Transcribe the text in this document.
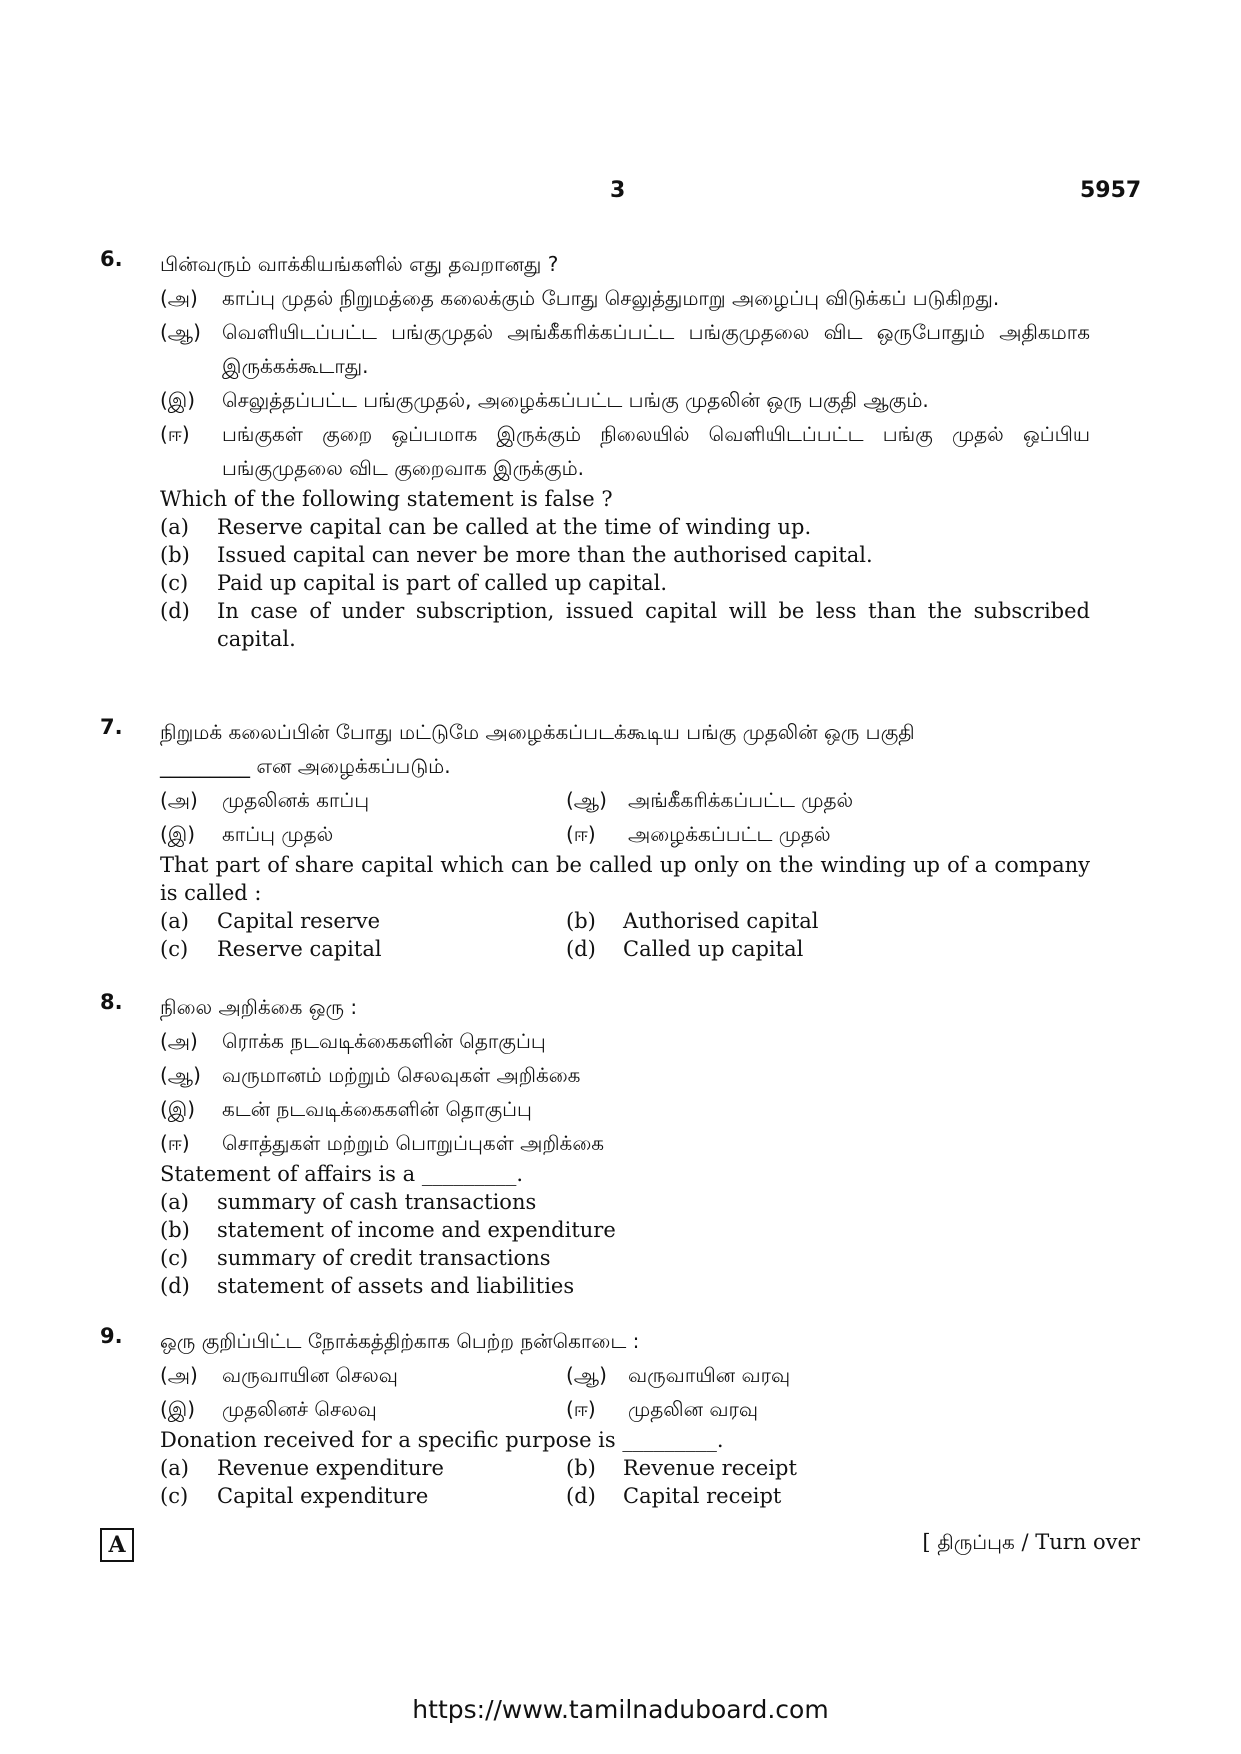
3	5957
6. பின்வரும் வாக்கியங்களில் எது தவறானது ?
(அ)	காப்பு முதல் நிறுமத்தை கலைக்கும் போது செலுத்துமாறு அழைப்பு விடுக்கப் படுகிறது.
(ஆ)	வெளியிடப்பட்ட பங்குமுதல் அங்கீகரிக்கப்பட்ட பங்குமுதலை விட ஒருபோதும் அதிகமாக இருக்கக்கூடாது.
(இ)	செலுத்தப்பட்ட பங்குமுதல், அழைக்கப்பட்ட பங்கு முதலின் ஒரு பகுதி ஆகும்.
(ஈ)	பங்குகள் குறை ஒப்பமாக இருக்கும் நிலையில் வெளியிடப்பட்ட பங்கு முதல் ஒப்பிய பங்குமுதலை விட குறைவாக இருக்கும்.
Which of the following statement is false ?
(a)	Reserve capital can be called at the time of winding up.
(b)	Issued capital can never be more than the authorised capital.
(c)	Paid up capital is part of called up capital.
(d)	In case of under subscription, issued capital will be less than the subscribed capital.
7. நிறுமக் கலைப்பின் போது மட்டுமே அழைக்கப்படக்கூடிய பங்கு முதலின் ஒரு பகுதி
_________ என அழைக்கப்படும்.
(அ)	முதலினக் காப்பு	(ஆ)	அங்கீகரிக்கப்பட்ட முதல்
(இ)	காப்பு முதல்	(ஈ)	அழைக்கப்பட்ட முதல்
That part of share capital which can be called up only on the winding up of a company is called :
(a)	Capital reserve	(b)	Authorised capital
(c)	Reserve capital	(d)	Called up capital
8. நிலை அறிக்கை ஒரு :
(அ)	ரொக்க நடவடிக்கைகளின் தொகுப்பு
(ஆ)	வருமானம் மற்றும் செலவுகள் அறிக்கை
(இ)	கடன் நடவடிக்கைகளின் தொகுப்பு
(ஈ)	சொத்துகள் மற்றும் பொறுப்புகள் அறிக்கை
Statement of affairs is a _________.
(a)	summary of cash transactions
(b)	statement of income and expenditure
(c)	summary of credit transactions
(d)	statement of assets and liabilities
9. ஒரு குறிப்பிட்ட நோக்கத்திற்காக பெற்ற நன்கொடை :
(அ)	வருவாயின செலவு	(ஆ)	வருவாயின வரவு
(இ)	முதலினச் செலவு	(ஈ)	முதலின வரவு
Donation received for a specific purpose is _________.
(a)	Revenue expenditure	(b)	Revenue receipt
(c)	Capital expenditure	(d)	Capital receipt
A	[ திருப்புக / Turn over
https://www.tamilnaduboard.com
